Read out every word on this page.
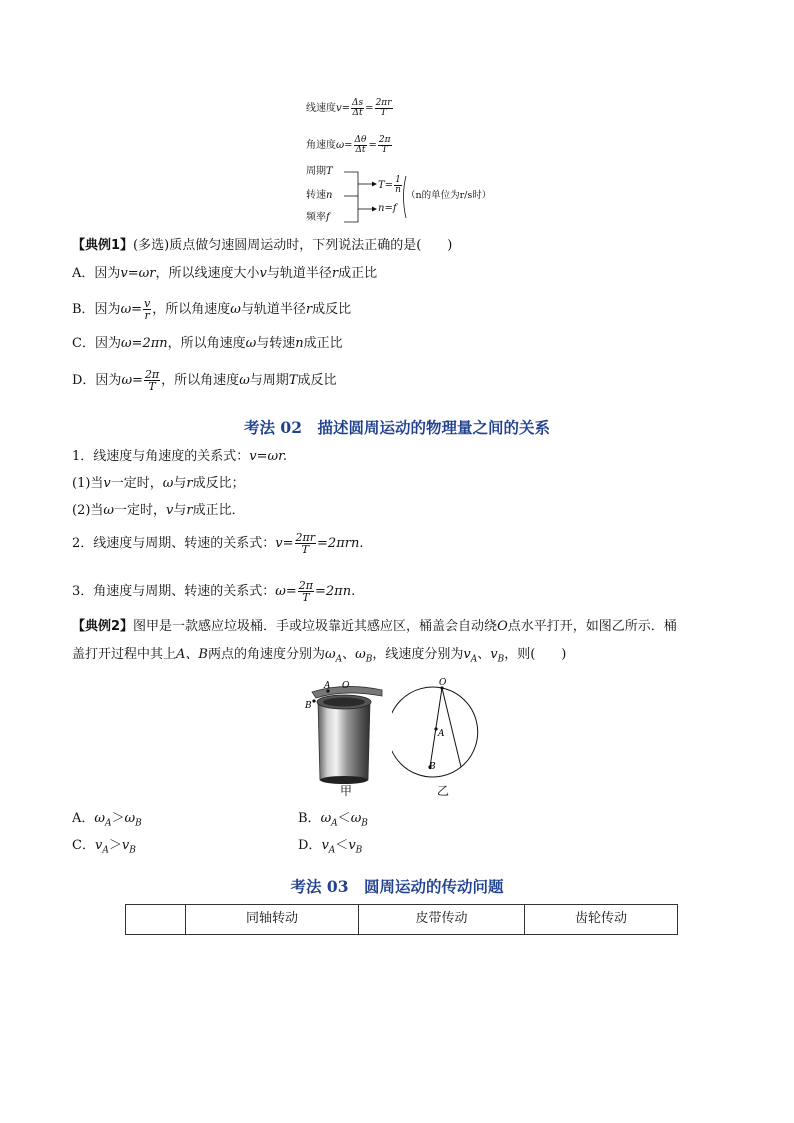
线速度$v= \frac{\Delta s}{\Delta t} = \frac{2\pi r}{T}$
角速度$\omega= \frac{\Delta\theta}{\Delta t} = \frac{2\pi}{T}$
周期T
转速n
频率f
$T= \frac{1}{n}$
n=f
（n的单位为r/s时）
【典例1】(多选)质点做匀速圆周运动时，下列说法正确的是(　　)
A．因为v=ωr，所以线速度大小v与轨道半径r成正比
B．因为$\omega= \frac{v}{r}$ ，所以角速度ω与轨道半径r成反比
C．因为ω=2πn，所以角速度ω与转速n成正比
D．因为$\omega= \frac{2\pi}{T}$ ，所以角速度ω与周期T成反比
考法 02　描述圆周运动的物理量之间的关系
1．线速度与角速度的关系式：v=ωr.
(1)当v一定时，ω与r成反比；
(2)当ω一定时，v与r成正比．
2．线速度与周期、转速的关系式：$v= \frac{2\pi r}{T} =2\pi rn$.
3．角速度与周期、转速的关系式：$\omega= \frac{2\pi}{T} =2\pi n$.
【典例2】图甲是一款感应垃圾桶．手或垃圾靠近其感应区，桶盖会自动绕O点水平打开，如图乙所示．桶
盖打开过程中其上A、B两点的角速度分别为$\omega_A$、$\omega_B$，线速度分别为$v_A$、$v_B$，则(　　)
A
B
O
甲
O
A
B
乙
A．$\omega_A>\omega_B$	B．$\omega_A<\omega_B$
C．$v_A>v_B$	D．$v_A<v_B$
考法 03　圆周运动的传动问题
	同轴转动	皮带传动	齿轮传动
